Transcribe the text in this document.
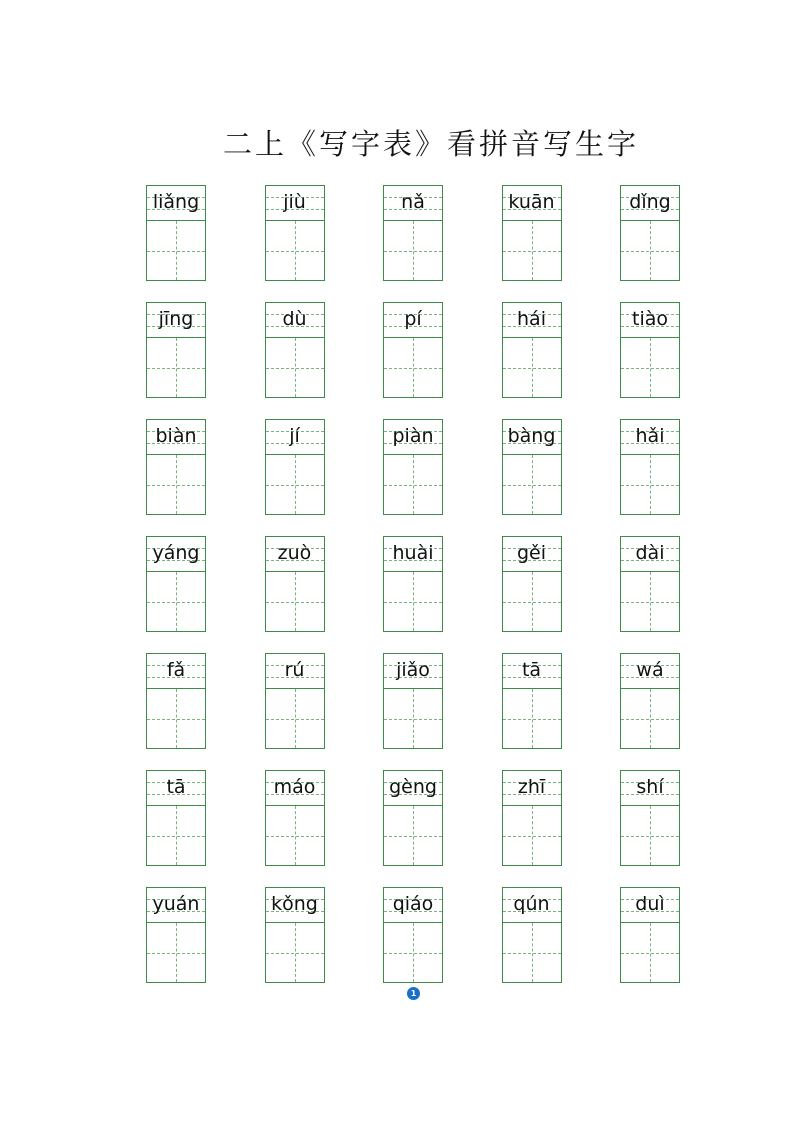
二上《写字表》看拼音写生字
liǎng	jiù	nǎ	kuān	dǐng
jīng	dù	pí	hái	tiào
biàn	jí	piàn	bàng	hǎi
yáng	zuò	huài	gěi	dài
fǎ	rú	jiǎo	tā	wá
tā	máo	gèng	zhī	shí
yuán	kǒng	qiáo	qún	duì
1
